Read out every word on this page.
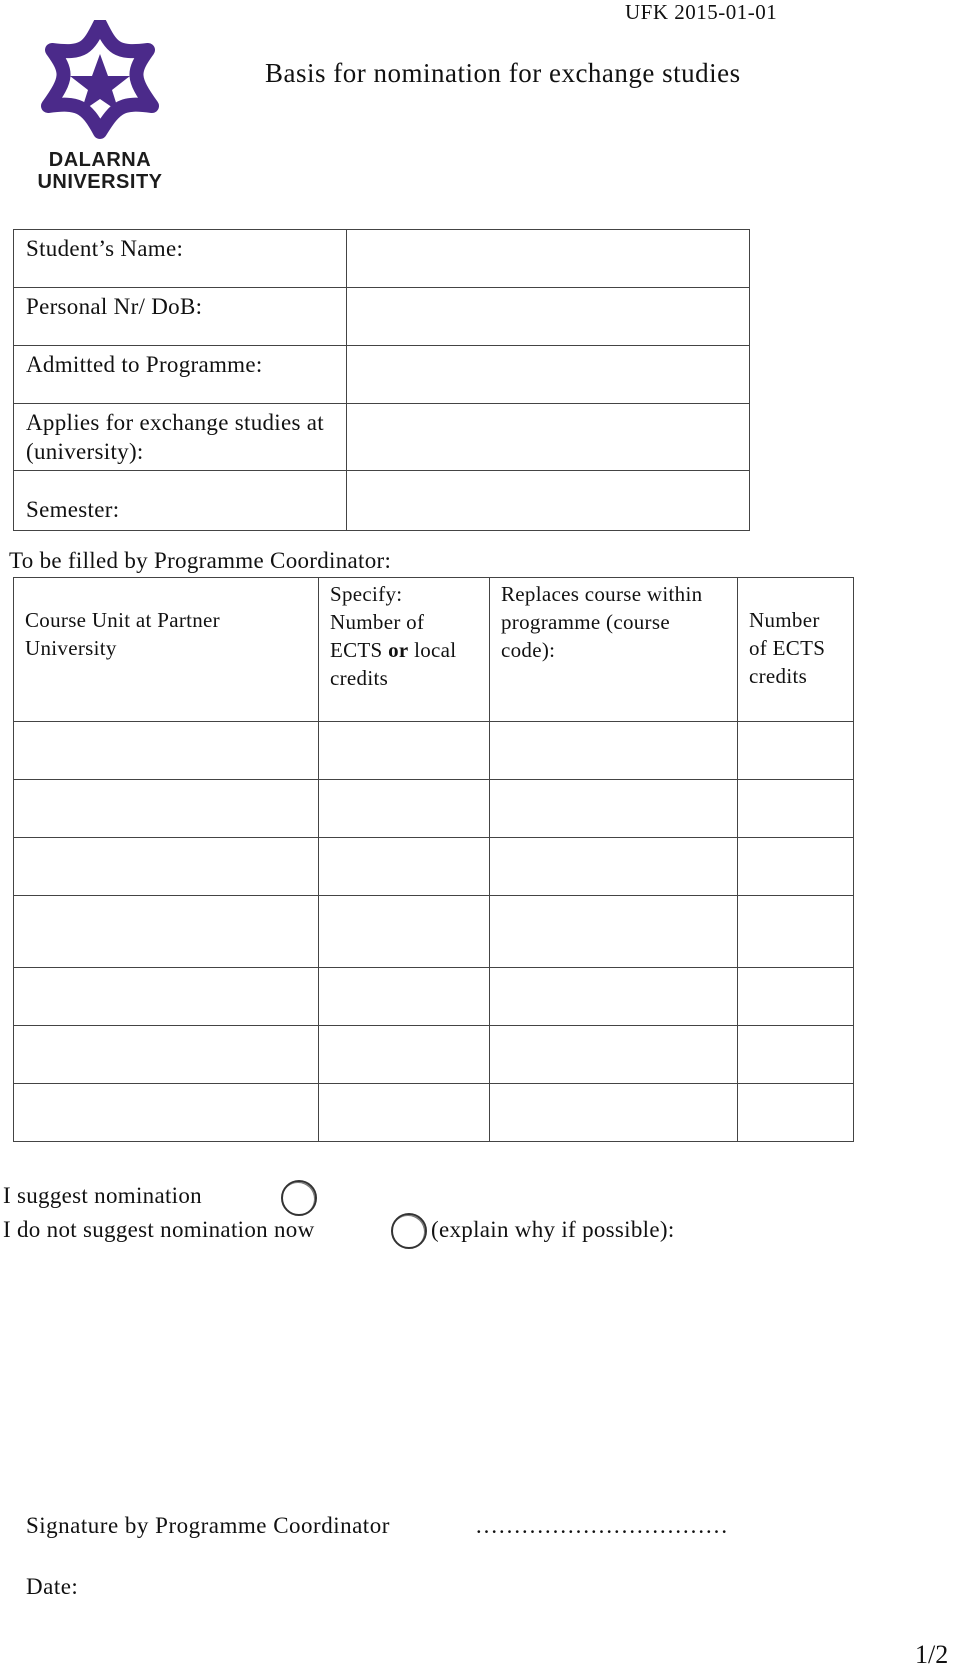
DALARNA
UNIVERSITY
UFK 2015-01-01
Basis for nomination for exchange studies
Student’s Name:	
Personal Nr/ DoB:	
Admitted to Programme:	
Applies for exchange studies at (university):	
Semester:	
To be filled by Programme Coordinator:
Course Unit at Partner University	Specify: Number of ECTS or local credits	Replaces course within programme (course code):	Number of ECTS credits

I suggest nomination
I do not suggest nomination now	(explain why if possible):
Signature by Programme Coordinator	……………………………
Date:
1/2
